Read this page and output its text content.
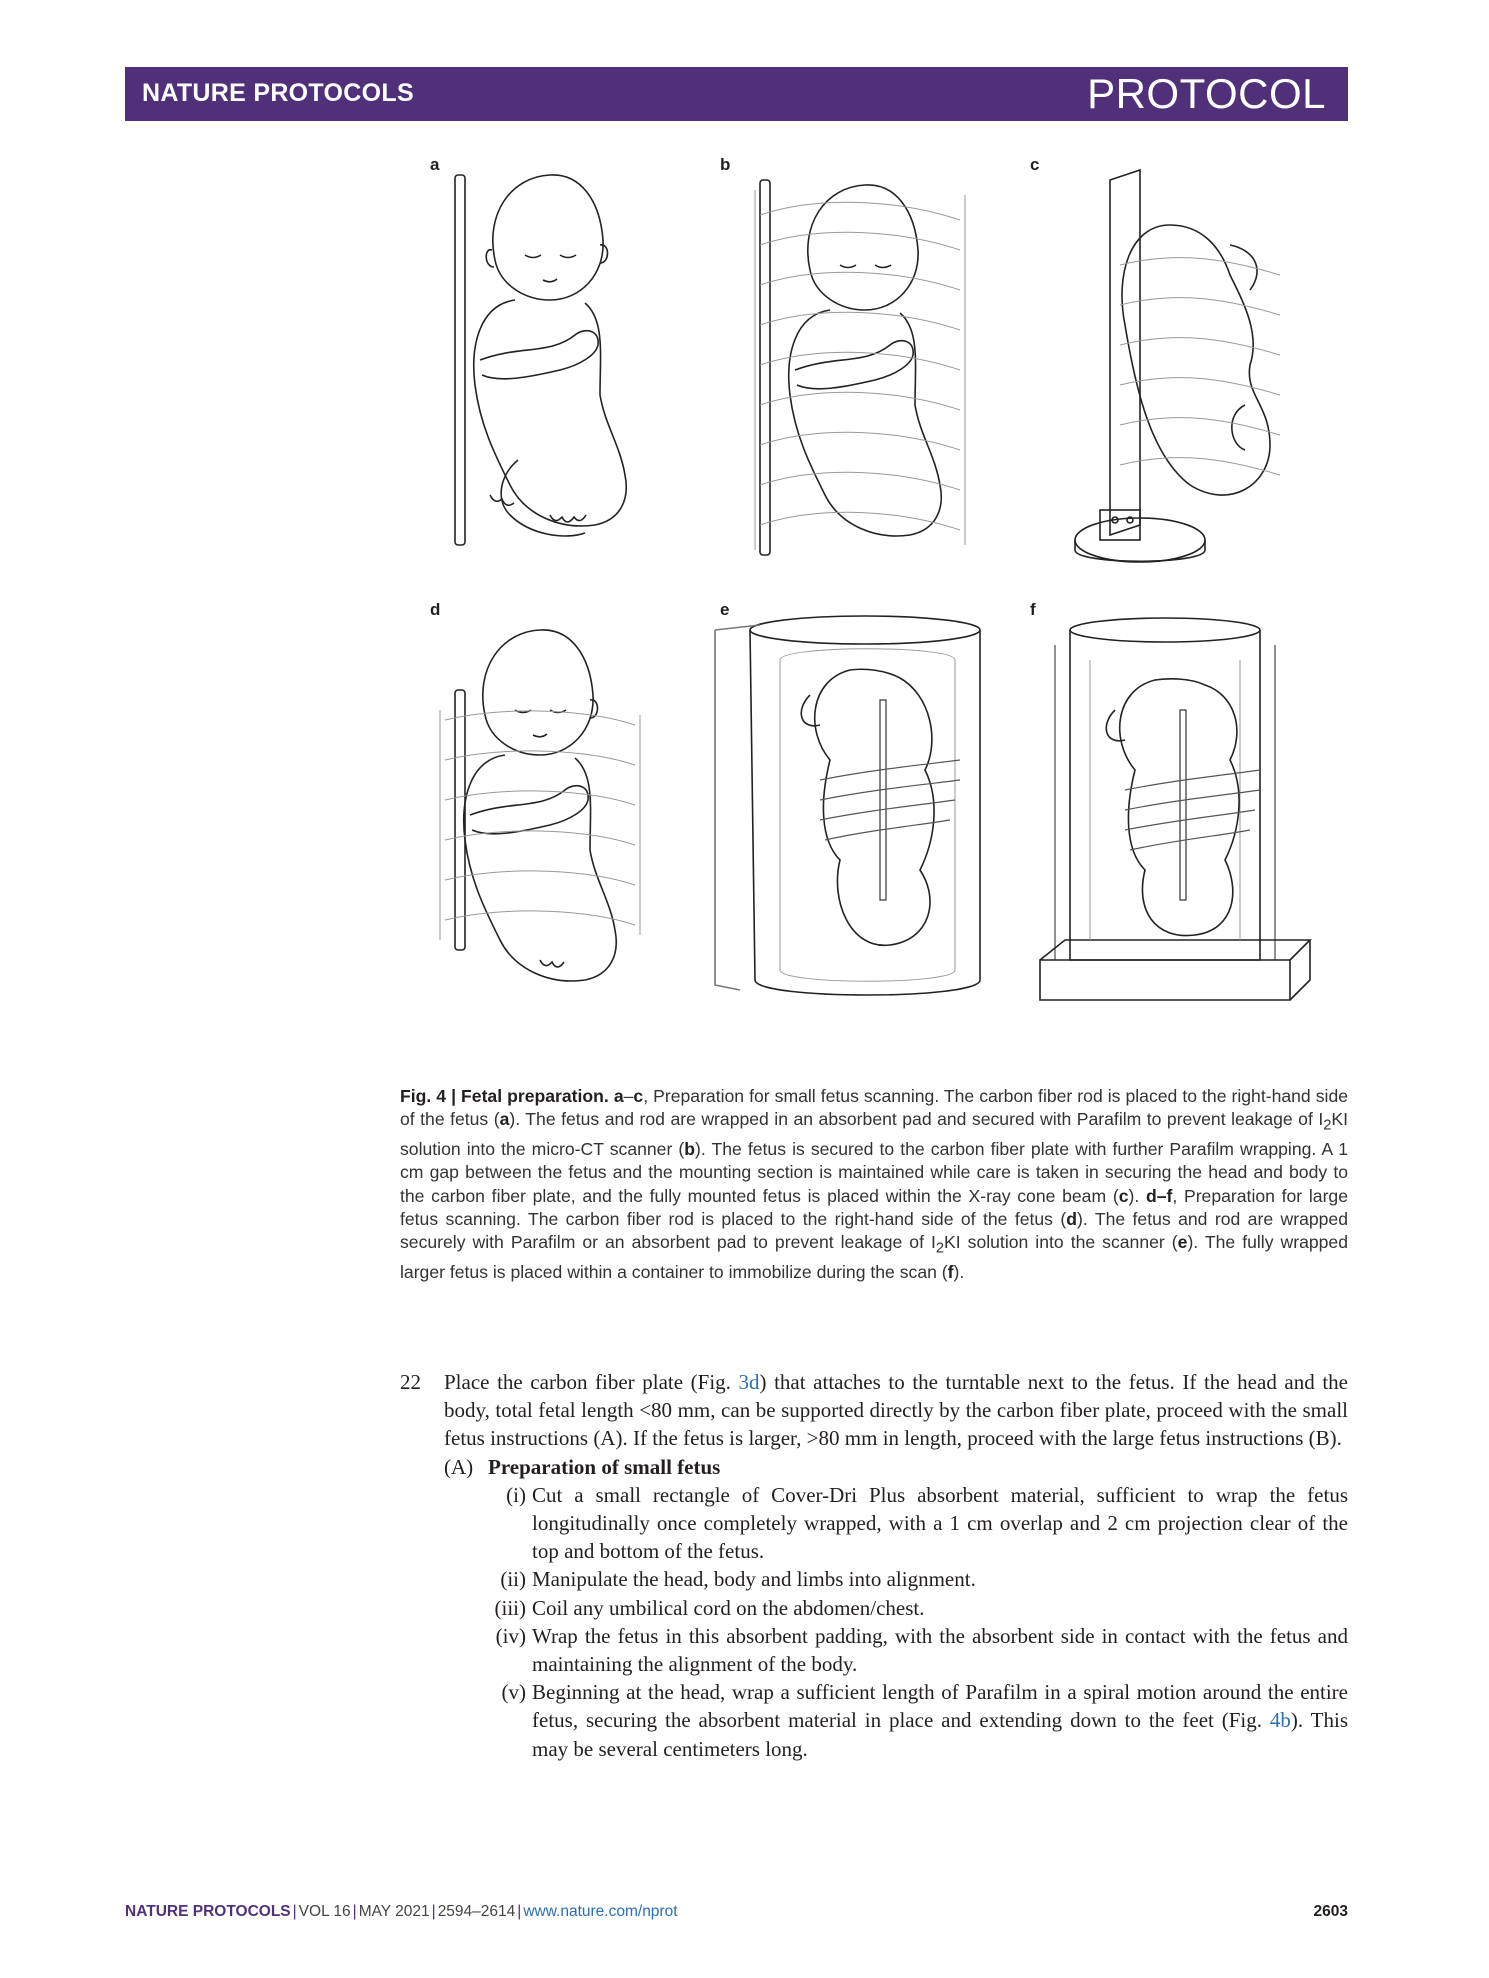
NATURE PROTOCOLS	PROTOCOL
a	b	c
d	e	f
Fig. 4 | Fetal preparation. a–c, Preparation for small fetus scanning. The carbon fiber rod is placed to the right-hand side of the fetus (a). The fetus and rod are wrapped in an absorbent pad and secured with Parafilm to prevent leakage of $I_2KI$ solution into the micro-CT scanner (b). The fetus is secured to the carbon fiber plate with further Parafilm wrapping. A 1 cm gap between the fetus and the mounting section is maintained while care is taken in securing the head and body to the carbon fiber plate, and the fully mounted fetus is placed within the X-ray cone beam (c). d–f, Preparation for large fetus scanning. The carbon fiber rod is placed to the right-hand side of the fetus (d). The fetus and rod are wrapped securely with Parafilm or an absorbent pad to prevent leakage of $I_2KI$ solution into the scanner (e). The fully wrapped larger fetus is placed within a container to immobilize during the scan (f).
22 Place the carbon fiber plate (Fig. 3d) that attaches to the turntable next to the fetus. If the head and the body, total fetal length <80 mm, can be supported directly by the carbon fiber plate, proceed with the small fetus instructions (A). If the fetus is larger, >80 mm in length, proceed with the large fetus instructions (B).
(A) Preparation of small fetus
(i) Cut a small rectangle of Cover-Dri Plus absorbent material, sufficient to wrap the fetus longitudinally once completely wrapped, with a 1 cm overlap and 2 cm projection clear of the top and bottom of the fetus.
(ii) Manipulate the head, body and limbs into alignment.
(iii) Coil any umbilical cord on the abdomen/chest.
(iv) Wrap the fetus in this absorbent padding, with the absorbent side in contact with the fetus and maintaining the alignment of the body.
(v) Beginning at the head, wrap a sufficient length of Parafilm in a spiral motion around the entire fetus, securing the absorbent material in place and extending down to the feet (Fig. 4b). This may be several centimeters long.
NATURE PROTOCOLS | VOL 16 | MAY 2021 | 2594–2614 | www.nature.com/nprot	2603
